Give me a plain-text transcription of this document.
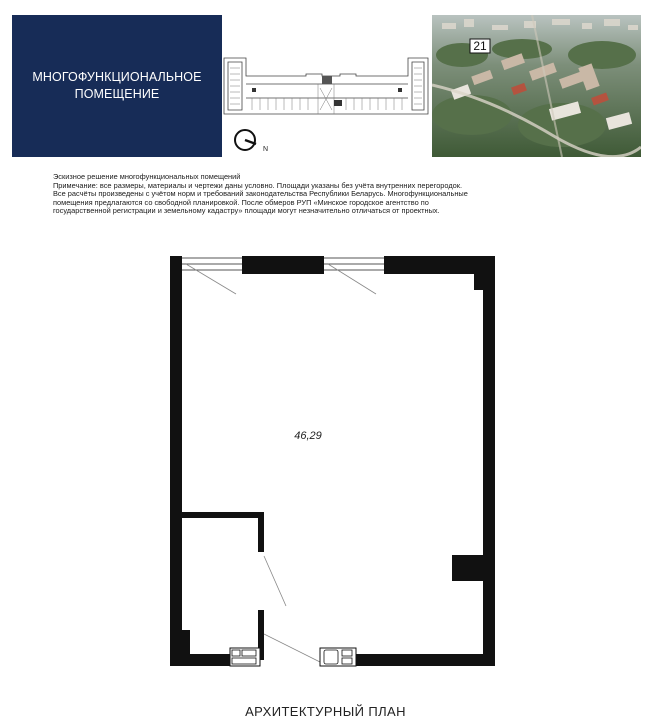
МНОГОФУНКЦИОНАЛЬНОЕ
ПОМЕЩЕНИЕ
N
21
Эскизное решение многофункциональных помещений
Примечание: все размеры, материалы и чертежи даны условно. Площади указаны без учёта внутренних перегородок.
Все расчёты произведены с учётом норм и требований законодательства Республики Беларусь. Многофункциональные
помещения предлагаются со свободной планировкой. После обмеров РУП «Минское городское агентство по
государственной регистрации и земельному кадастру» площади могут незначительно отличаться от проектных.
46,29
АРХИТЕКТУРНЫЙ ПЛАН
